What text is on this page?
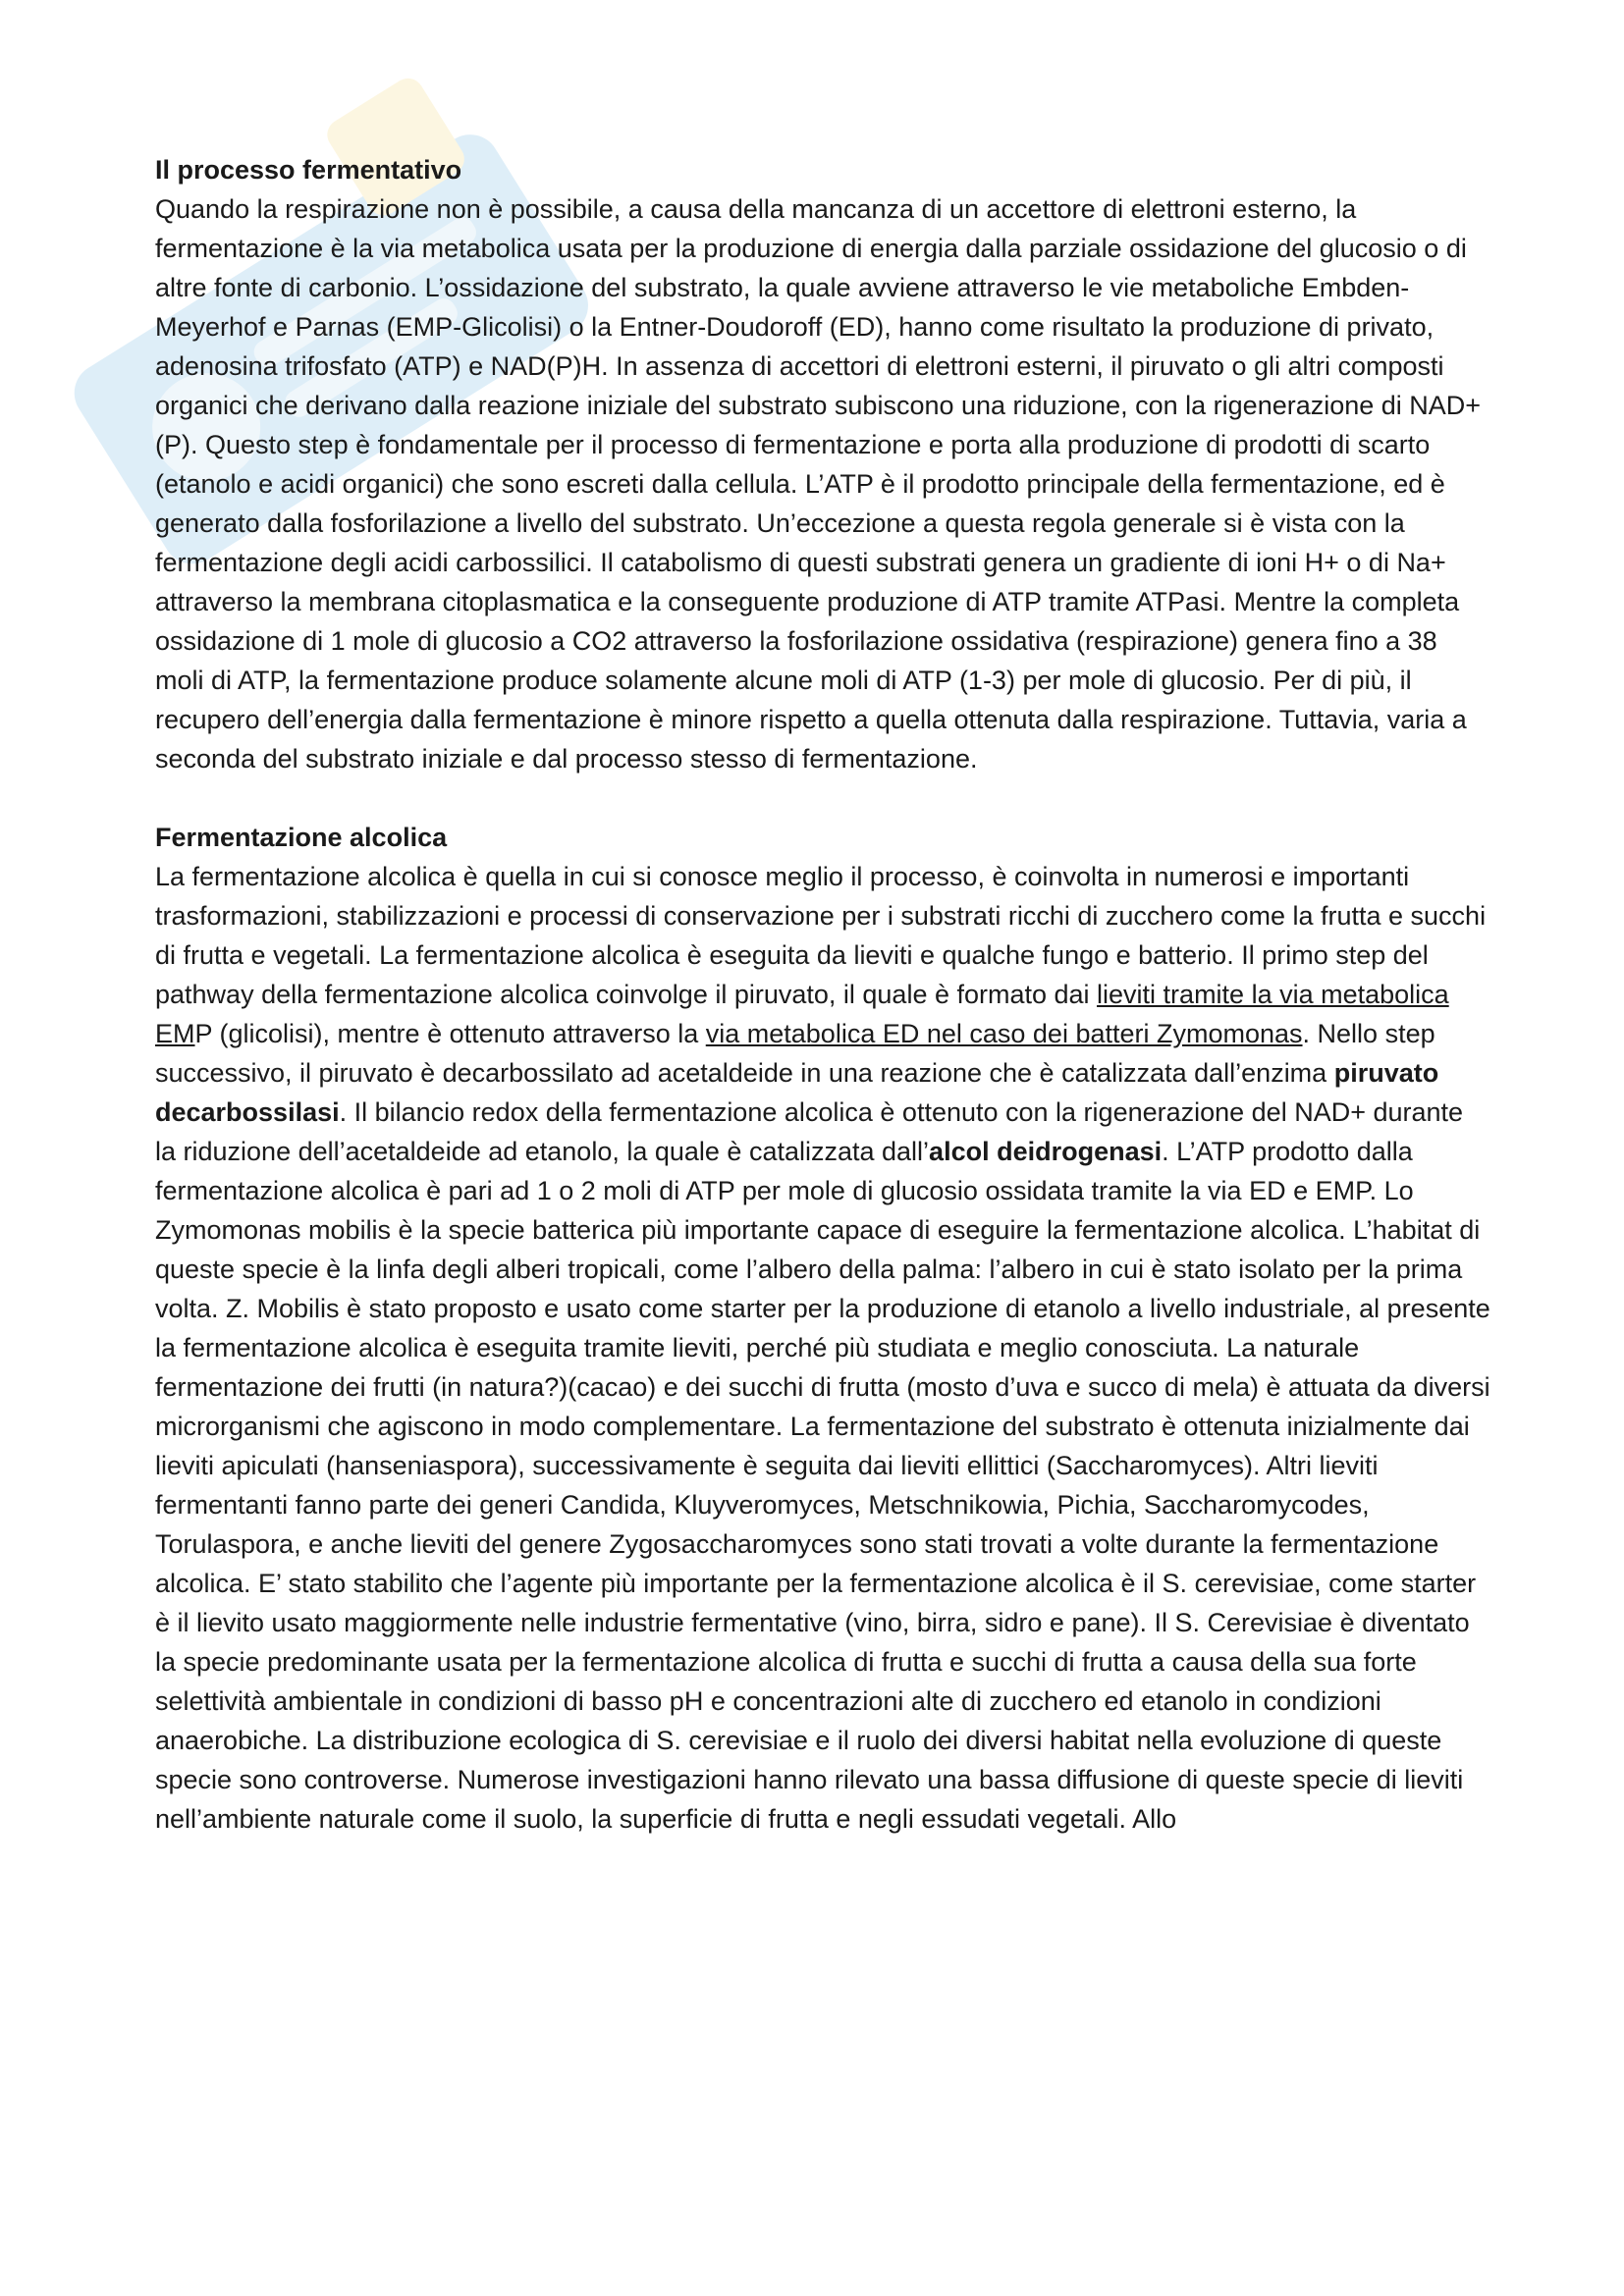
Il processo fermentativo

Quando la respirazione non è possibile, a causa della mancanza di un accettore di elettroni esterno, la fermentazione è la via metabolica usata per la produzione di energia dalla parziale ossidazione del glucosio o di altre fonte di carbonio. L’ossidazione del substrato, la quale avviene attraverso le vie metaboliche Embden-Meyerhof e Parnas (EMP-Glicolisi) o la Entner-Doudoroff (ED), hanno come risultato la produzione di privato, adenosina trifosfato (ATP) e NAD(P)H. In assenza di accettori di elettroni esterni, il piruvato o gli altri composti organici che derivano dalla reazione iniziale del substrato subiscono una riduzione, con la rigenerazione di NAD+ (P). Questo step è fondamentale per il processo di fermentazione e porta alla produzione di prodotti di scarto (etanolo e acidi organici) che sono escreti dalla cellula. L’ATP è il prodotto principale della fermentazione, ed è generato dalla fosforilazione a livello del substrato. Un’eccezione a questa regola generale si è vista con la fermentazione degli acidi carbossilici. Il catabolismo di questi substrati genera un gradiente di ioni H+ o di Na+ attraverso la membrana citoplasmatica e la conseguente produzione di ATP tramite ATPasi. Mentre la completa ossidazione di 1 mole di glucosio a CO2 attraverso la fosforilazione ossidativa (respirazione) genera fino a 38 moli di ATP, la fermentazione produce solamente alcune moli di ATP (1-3) per mole di glucosio. Per di più, il recupero dell’energia dalla fermentazione è minore rispetto a quella ottenuta dalla respirazione. Tuttavia, varia a seconda del substrato iniziale e dal processo stesso di fermentazione.

Fermentazione alcolica

La fermentazione alcolica è quella in cui si conosce meglio il processo, è coinvolta in numerosi e importanti trasformazioni, stabilizzazioni e processi di conservazione per i substrati ricchi di zucchero come la frutta e succhi di frutta e vegetali. La fermentazione alcolica è eseguita da lieviti e qualche fungo e batterio. Il primo step del pathway della fermentazione alcolica coinvolge il piruvato, il quale è formato dai lieviti tramite la via metabolica EMP (glicolisi), mentre è ottenuto attraverso la via metabolica ED nel caso dei batteri Zymomonas. Nello step successivo, il piruvato è decarbossilato ad acetaldeide in una reazione che è catalizzata dall’enzima piruvato decarbossilasi. Il bilancio redox della fermentazione alcolica è ottenuto con la rigenerazione del NAD+ durante la riduzione dell’acetaldeide ad etanolo, la quale è catalizzata dall’alcol deidrogenasi. L’ATP prodotto dalla fermentazione alcolica è pari ad 1 o 2 moli di ATP per mole di glucosio ossidata tramite la via ED e EMP. Lo Zymomonas mobilis è la specie batterica più importante capace di eseguire la fermentazione alcolica. L’habitat di queste specie è la linfa degli alberi tropicali, come l’albero della palma: l’albero in cui è stato isolato per la prima volta. Z. Mobilis è stato proposto e usato come starter per la produzione di etanolo a livello industriale, al presente la fermentazione alcolica è eseguita tramite lieviti, perché più studiata e meglio conosciuta. La naturale fermentazione dei frutti (in natura?)(cacao) e dei succhi di frutta (mosto d’uva e succo di mela) è attuata da diversi microrganismi che agiscono in modo complementare. La fermentazione del substrato è ottenuta inizialmente dai lieviti apiculati (hanseniaspora), successivamente è seguita dai lieviti ellittici (Saccharomyces). Altri lieviti fermentanti fanno parte dei generi Candida, Kluyveromyces, Metschnikowia, Pichia, Saccharomycodes, Torulaspora, e anche lieviti del genere Zygosaccharomyces sono stati trovati a volte durante la fermentazione alcolica. E’ stato stabilito che l’agente più importante per la fermentazione alcolica è il S. cerevisiae, come starter è il lievito usato maggiormente nelle industrie fermentative (vino, birra, sidro e pane). Il S. Cerevisiae è diventato la specie predominante usata per la fermentazione alcolica di frutta e succhi di frutta a causa della sua forte selettività ambientale in condizioni di basso pH e concentrazioni alte di zucchero ed etanolo in condizioni anaerobiche. La distribuzione ecologica di S. cerevisiae e il ruolo dei diversi habitat nella evoluzione di queste specie sono controverse. Numerose investigazioni hanno rilevato una bassa diffusione di queste specie di lieviti nell’ambiente naturale come il suolo, la superficie di frutta e negli essudati vegetali. Allo
